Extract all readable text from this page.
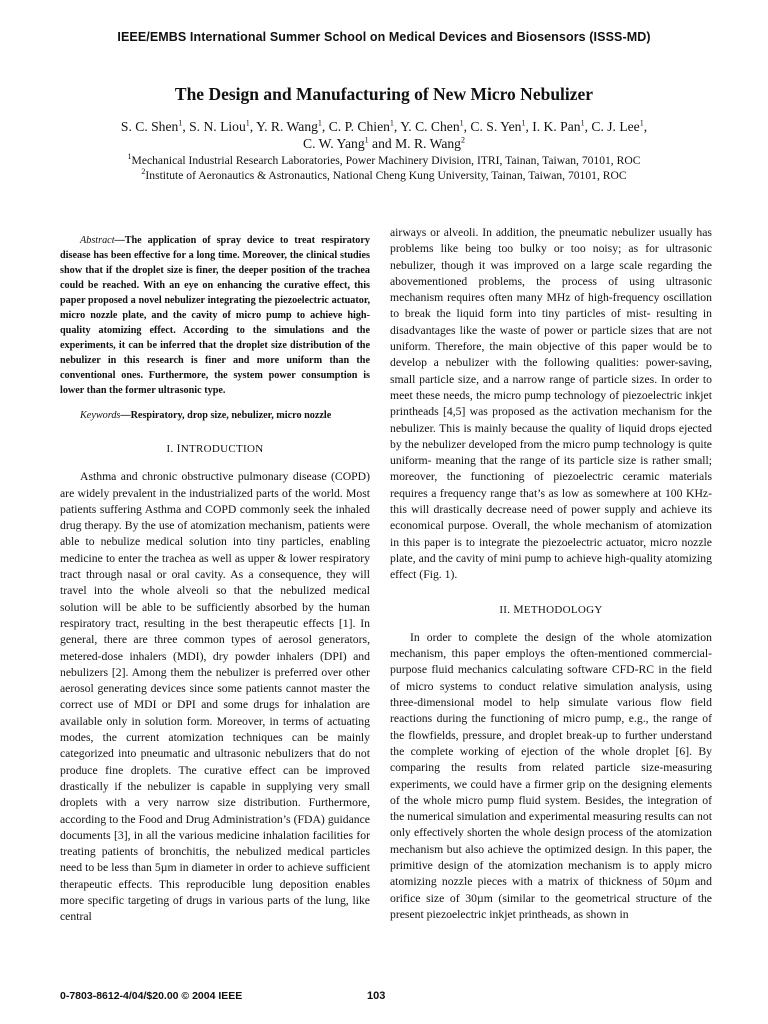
IEEE/EMBS International Summer School on Medical Devices and Biosensors (ISSS-MD)
The Design and Manufacturing of New Micro Nebulizer
S. C. Shen$^1$, S. N. Liou$^1$, Y. R. Wang$^1$, C. P. Chien$^1$, Y. C. Chen$^1$, C. S. Yen$^1$, I. K. Pan$^1$, C. J. Lee$^1$,
C. W. Yang$^1$ and M. R. Wang$^2$
$^1$Mechanical Industrial Research Laboratories, Power Machinery Division, ITRI, Tainan, Taiwan, 70101, ROC
$^2$Institute of Aeronautics & Astronautics, National Cheng Kung University, Tainan, Taiwan, 70101, ROC

Abstract—The application of spray device to treat respiratory disease has been effective for a long time. Moreover, the clinical studies show that if the droplet size is finer, the deeper position of the trachea could be reached. With an eye on enhancing the curative effect, this paper proposed a novel nebulizer integrating the piezoelectric actuator, micro nozzle plate, and the cavity of micro pump to achieve high-quality atomizing effect. According to the simulations and the experiments, it can be inferred that the droplet size distribution of the nebulizer in this research is finer and more uniform than the conventional ones. Furthermore, the system power consumption is lower than the former ultrasonic type.

Keywords—Respiratory, drop size, nebulizer, micro nozzle

I. INTRODUCTION

Asthma and chronic obstructive pulmonary disease (COPD) are widely prevalent in the industrialized parts of the world. Most patients suffering Asthma and COPD commonly seek the inhaled drug therapy. By the use of atomization mechanism, patients were able to nebulize medical solution into tiny particles, enabling medicine to enter the trachea as well as upper & lower respiratory tract through nasal or oral cavity. As a consequence, they will travel into the whole alveoli so that the nebulized medical solution will be able to be sufficiently absorbed by the human respiratory tract, resulting in the best therapeutic effects [1]. In general, there are three common types of aerosol generators, metered-dose inhalers (MDI), dry powder inhalers (DPI) and nebulizers [2]. Among them the nebulizer is preferred over other aerosol generating devices since some patients cannot master the correct use of MDI or DPI and some drugs for inhalation are available only in solution form. Moreover, in terms of actuating modes, the current atomization techniques can be mainly categorized into pneumatic and ultrasonic nebulizers that do not produce fine droplets. The curative effect can be improved drastically if the nebulizer is capable in supplying very small droplets with a very narrow size distribution. Furthermore, according to the Food and Drug Administration’s (FDA) guidance documents [3], in all the various medicine inhalation facilities for treating patients of bronchitis, the nebulized medical particles need to be less than 5µm in diameter in order to achieve sufficient therapeutic effects. This reproducible lung deposition enables more specific targeting of drugs in various parts of the lung, like central

airways or alveoli. In addition, the pneumatic nebulizer usually has problems like being too bulky or too noisy; as for ultrasonic nebulizer, though it was improved on a large scale regarding the abovementioned problems, the process of using ultrasonic mechanism requires often many MHz of high-frequency oscillation to break the liquid form into tiny particles of mist- resulting in disadvantages like the waste of power or particle sizes that are not uniform. Therefore, the main objective of this paper would be to develop a nebulizer with the following qualities: power-saving, small particle size, and a narrow range of particle sizes. In order to meet these needs, the micro pump technology of piezoelectric inkjet printheads [4,5] was proposed as the activation mechanism for the nebulizer. This is mainly because the quality of liquid drops ejected by the nebulizer developed from the micro pump technology is quite uniform- meaning that the range of its particle size is rather small; moreover, the functioning of piezoelectric ceramic materials requires a frequency range that’s as low as somewhere at 100 KHz- this will drastically decrease need of power supply and achieve its economical purpose. Overall, the whole mechanism of atomization in this paper is to integrate the piezoelectric actuator, micro nozzle plate, and the cavity of mini pump to achieve high-quality atomizing effect (Fig. 1).

II. METHODOLOGY

In order to complete the design of the whole atomization mechanism, this paper employs the often-mentioned commercial-purpose fluid mechanics calculating software CFD-RC in the field of micro systems to conduct relative simulation analysis, using three-dimensional model to help simulate various flow field reactions during the functioning of micro pump, e.g., the range of the flowfields, pressure, and droplet break-up to further understand the complete working of ejection of the whole droplet [6]. By comparing the results from related particle size-measuring experiments, we could have a firmer grip on the designing elements of the whole micro pump fluid system. Besides, the integration of the numerical simulation and experimental measuring results can not only effectively shorten the whole design process of the atomization mechanism but also achieve the optimized design. In this paper, the primitive design of the atomization mechanism is to apply micro atomizing nozzle pieces with a matrix of thickness of 50µm and orifice size of 30µm (similar to the geometrical structure of the present piezoelectric inkjet printheads, as shown in

0-7803-8612-4/04/$20.00 © 2004 IEEE	103
